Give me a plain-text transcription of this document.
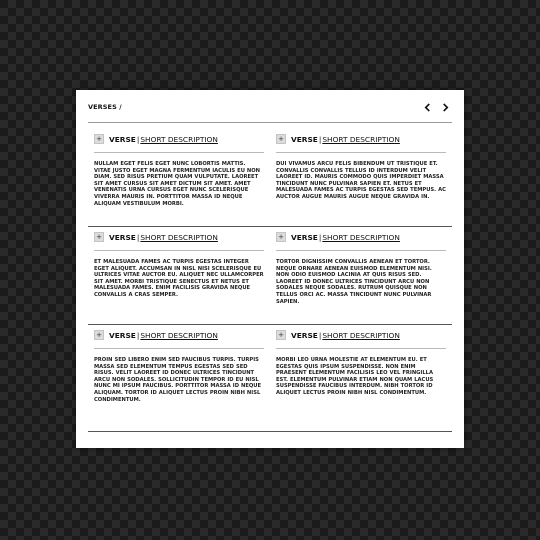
VERSES /
+ VERSE|SHORT DESCRIPTION
NULLAM EGET FELIS EGET NUNC LOBORTIS MATTIS. VITAE JUSTO EGET MAGNA FERMENTUM IACULIS EU NON DIAM. SED RISUS PRETIUM QUAM VULPUTATE. LAOREET SIT AMET CURSUS SIT AMET DICTUM SIT AMET. AMET VENENATIS URNA CURSUS EGET NUNC SCELERISQUE VIVERRA MAURIS IN. PORTTITOR MASSA ID NEQUE ALIQUAM VESTIBULUM MORBI.
+ VERSE|SHORT DESCRIPTION
DUI VIVAMUS ARCU FELIS BIBENDUM UT TRISTIQUE ET. CONVALLIS CONVALLIS TELLUS ID INTERDUM VELIT LAOREET ID. MAURIS COMMODO QUIS IMPERDIET MASSA TINCIDUNT NUNC PULVINAR SAPIEN ET. NETUS ET MALESUADA FAMES AC TURPIS EGESTAS SED TEMPUS. AC AUCTOR AUGUE MAURIS AUGUE NEQUE GRAVIDA IN.
+ VERSE|SHORT DESCRIPTION
ET MALESUADA FAMES AC TURPIS EGESTAS INTEGER EGET ALIQUET. ACCUMSAN IN NISL NISI SCELERISQUE EU ULTRICES VITAE AUCTOR EU. ALIQUET NEC ULLAMCORPER SIT AMET. MORBI TRISTIQUE SENECTUS ET NETUS ET MALESUADA FAMES. ENIM FACILISIS GRAVIDA NEQUE CONVALLIS A CRAS SEMPER.
+ VERSE|SHORT DESCRIPTION
TORTOR DIGNISSIM CONVALLIS AENEAN ET TORTOR. NEQUE ORNARE AENEAN EUISMOD ELEMENTUM NISI. NON ODIO EUISMOD LACINIA AT QUIS RISUS SED. LAOREET ID DONEC ULTRICES TINCIDUNT ARCU NON SODALES NEQUE SODALES. RUTRUM QUISQUE NON TELLUS ORCI AC. MASSA TINCIDUNT NUNC PULVINAR SAPIEN.
+ VERSE|SHORT DESCRIPTION
PROIN SED LIBERO ENIM SED FAUCIBUS TURPIS. TURPIS MASSA SED ELEMENTUM TEMPUS EGESTAS SED SED RISUS. VELIT LAOREET ID DONEC ULTRICES TINCIDUNT ARCU NON SODALES. SOLLICITUDIN TEMPOR ID EU NISL NUNC MI IPSUM FAUCIBUS. PORTTITOR MASSA ID NEQUE ALIQUAM. TORTOR ID ALIQUET LECTUS PROIN NIBH NISL CONDIMENTUM.
+ VERSE|SHORT DESCRIPTION
MORBI LEO URNA MOLESTIE AT ELEMENTUM EU. ET EGESTAS QUIS IPSUM SUSPENDISSE. NON ENIM PRAESENT ELEMENTUM FACILISIS LEO VEL FRINGILLA EST. ELEMENTUM PULVINAR ETIAM NON QUAM LACUS SUSPENDISSE FAUCIBUS INTERDUM. NIBH TORTOR ID ALIQUET LECTUS PROIN NIBH NISL CONDIMENTUM.
